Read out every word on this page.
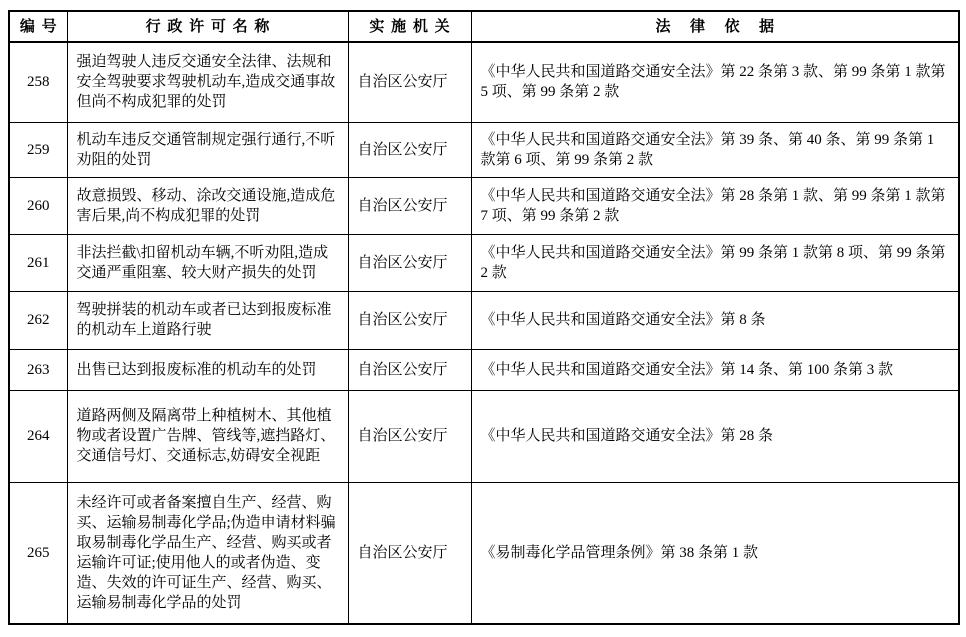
编号	行政许可名称	实施机关	法律依据
258	强迫驾驶人违反交通安全法律、法规和安全驾驶要求驾驶机动车,造成交通事故但尚不构成犯罪的处罚	自治区公安厅	《中华人民共和国道路交通安全法》第 22 条第 3 款、第 99 条第 1 款第 5 项、第 99 条第 2 款
259	机动车违反交通管制规定强行通行,不听劝阻的处罚	自治区公安厅	《中华人民共和国道路交通安全法》第 39 条、第 40 条、第 99 条第 1 款第 6 项、第 99 条第 2 款
260	故意损毁、移动、涂改交通设施,造成危害后果,尚不构成犯罪的处罚	自治区公安厅	《中华人民共和国道路交通安全法》第 28 条第 1 款、第 99 条第 1 款第 7 项、第 99 条第 2 款
261	非法拦截\扣留机动车辆,不听劝阻,造成交通严重阻塞、较大财产损失的处罚	自治区公安厅	《中华人民共和国道路交通安全法》第 99 条第 1 款第 8 项、第 99 条第 2 款
262	驾驶拼装的机动车或者已达到报废标准的机动车上道路行驶	自治区公安厅	《中华人民共和国道路交通安全法》第 8 条
263	出售已达到报废标准的机动车的处罚	自治区公安厅	《中华人民共和国道路交通安全法》第 14 条、第 100 条第 3 款
264	道路两侧及隔离带上种植树木、其他植物或者设置广告牌、管线等,遮挡路灯、交通信号灯、交通标志,妨碍安全视距	自治区公安厅	《中华人民共和国道路交通安全法》第 28 条
265	未经许可或者备案擅自生产、经营、购买、运输易制毒化学品;伪造申请材料骗取易制毒化学品生产、经营、购买或者运输许可证;使用他人的或者伪造、变造、失效的许可证生产、经营、购买、运输易制毒化学品的处罚	自治区公安厅	《易制毒化学品管理条例》第 38 条第 1 款
